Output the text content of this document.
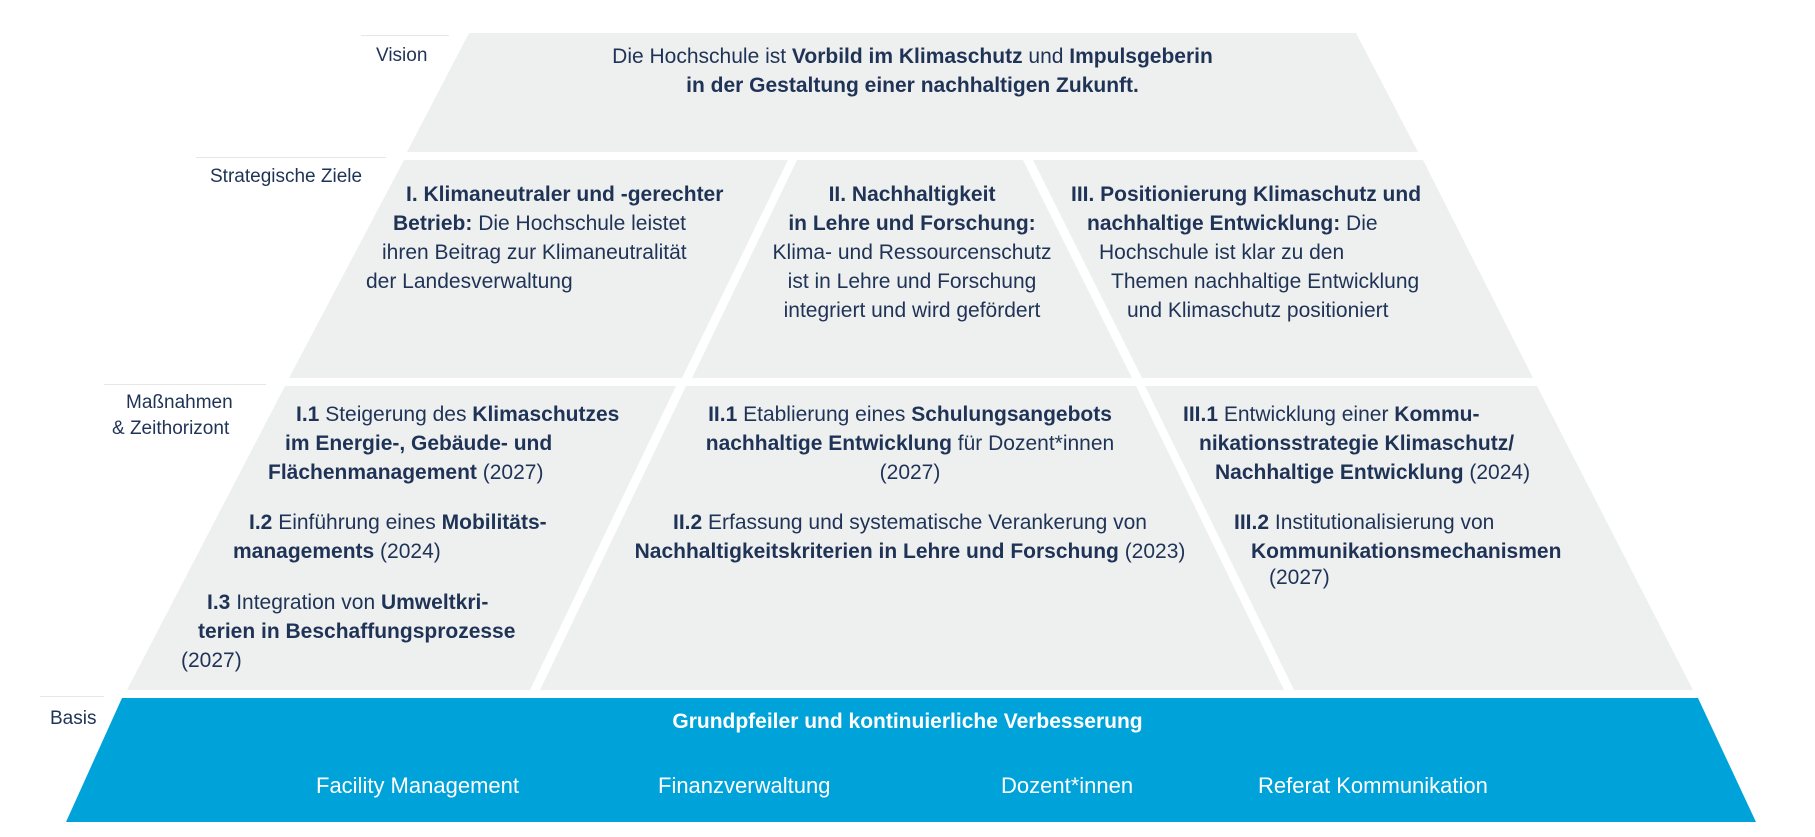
Vision
Strategische Ziele
Maßnahmen
& Zeithorizont
Basis
Die Hochschule ist Vorbild im Klimaschutz und Impulsgeberin
in der Gestaltung einer nachhaltigen Zukunft.
I. Klimaneutraler und -gerechter
Betrieb: Die Hochschule leistet
ihren Beitrag zur Klimaneutralität
der Landesverwaltung
II. Nachhaltigkeit
in Lehre und Forschung:
Klima- und Ressourcenschutz
ist in Lehre und Forschung
integriert und wird gefördert
III. Positionierung Klimaschutz und
nachhaltige Entwicklung: Die
Hochschule ist klar zu den
Themen nachhaltige Entwicklung
und Klimaschutz positioniert
I.1 Steigerung des Klimaschutzes
im Energie-, Gebäude- und
Flächenmanagement (2027)
I.2 Einführung eines Mobilitäts-
managements (2024)
I.3 Integration von Umweltkri-
terien in Beschaffungsprozesse
(2027)
II.1 Etablierung eines Schulungsangebots
nachhaltige Entwicklung für Dozent*innen
(2027)
II.2 Erfassung und systematische Verankerung von
Nachhaltigkeitskriterien in Lehre und Forschung (2023)
III.1 Entwicklung einer Kommu-
nikationsstrategie Klimaschutz/
Nachhaltige Entwicklung (2024)
III.2 Institutionalisierung von
Kommunikationsmechanismen
(2027)
Grundpfeiler und kontinuierliche Verbesserung
Facility Management	Finanzverwaltung	Dozent*innen	Referat Kommunikation
